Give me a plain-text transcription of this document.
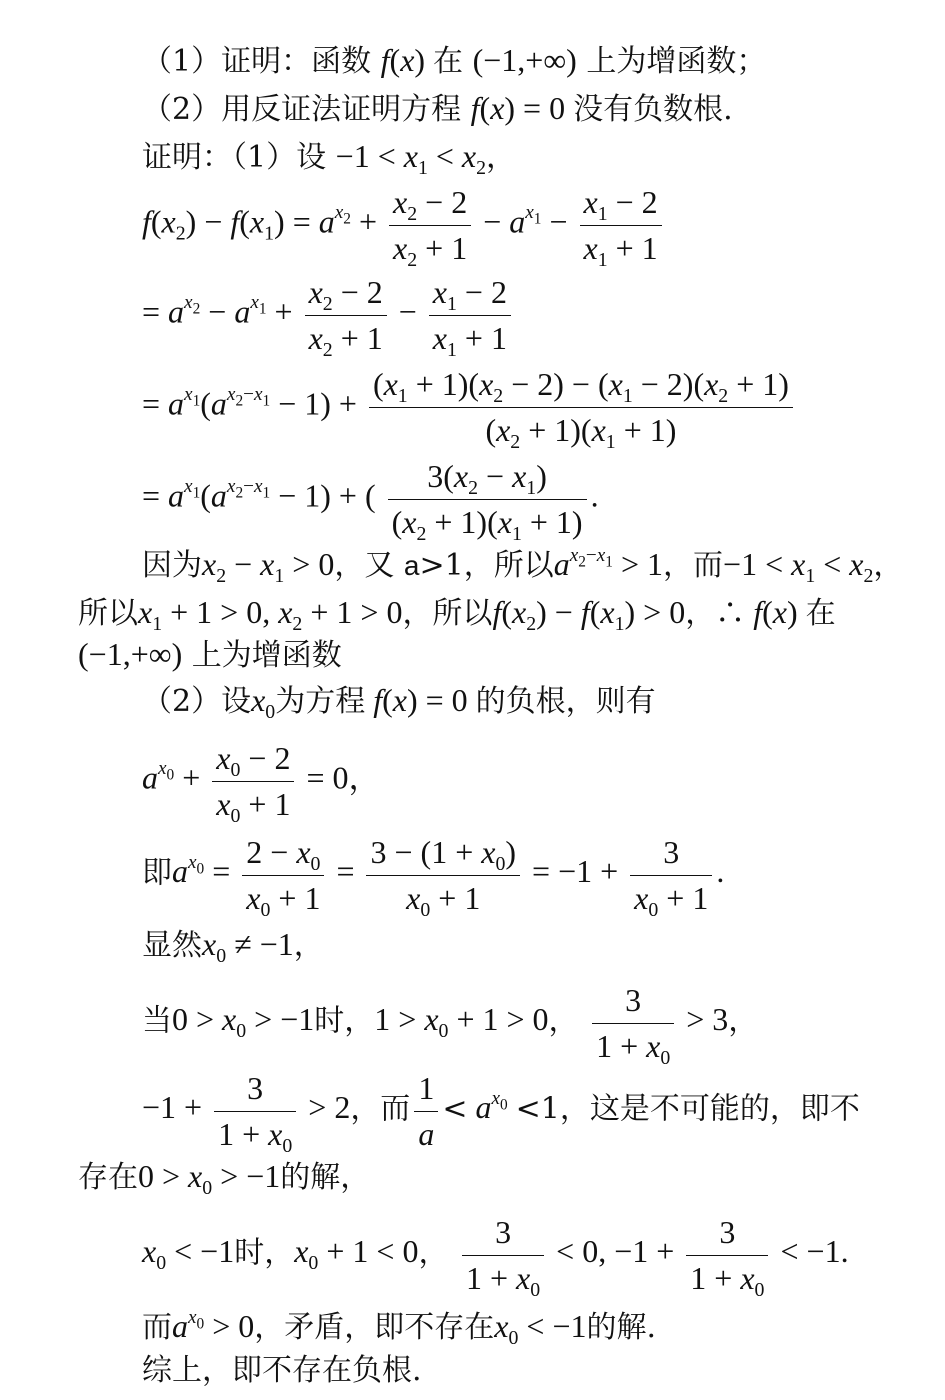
（1）证明：函数 f(x) 在 (−1,+∞) 上为增函数；
（2）用反证法证明方程 f(x) = 0 没有负数根.
证明：（1）设 $-1 < x_1 < x_2$，
$f(x_2) - f(x_1) = a^{x_2} + \frac{x_2 - 2}{x_2 + 1} - a^{x_1} - \frac{x_1 - 2}{x_1 + 1}$
= $a^{x_2} - a^{x_1} + \frac{x_2 - 2}{x_2 + 1} - \frac{x_1 - 2}{x_1 + 1}$
= $a^{x_1}(a^{x_2-x_1} - 1) + \frac{(x_1 + 1)(x_2 - 2) - (x_1 - 2)(x_2 + 1)}{(x_2 + 1)(x_1 + 1)}$
= $a^{x_1}(a^{x_2-x_1} - 1)$ + ( $\frac{3(x_2 - x_1)}{(x_2 + 1)(x_1 + 1)}$ .
因为$x_2 - x_1 > 0$，又 a>1，所以$a^{x_2-x_1} > 1$，而$-1 < x_1 < x_2$，
所以$x_1 + 1 > 0$, $x_2 + 1 > 0$，所以$f(x_2) - f(x_1) > 0$，∴ f(x) 在
(−1,+∞) 上为增函数
（2）设$x_0$为方程 f(x) = 0 的负根，则有
$a^{x_0} + \frac{x_0 - 2}{x_0 + 1} = 0$，
即$a^{x_0} = \frac{2 - x_0}{x_0 + 1} = \frac{3 - (1 + x_0)}{x_0 + 1} = -1 + \frac{3}{x_0 + 1}$ .
显然$x_0 \ne -1$，
当$0 > x_0 > -1$时，$1 > x_0 + 1 > 0$， $\frac{3}{1 + x_0} > 3$，
$-1 + \frac{3}{1 + x_0} > 2$，而 $\frac{1}{a} < a^{x_0} <1$，这是不可能的，即不
存在$0 > x_0 > -1$的解，
$x_0 < -1$时，$x_0 + 1 < 0$， $\frac{3}{1 + x_0} < 0$, $-1 + \frac{3}{1 + x_0} < -1$.
而$a^{x_0} > 0$，矛盾，即不存在$x_0 < -1$的解.
综上，即不存在负根.
